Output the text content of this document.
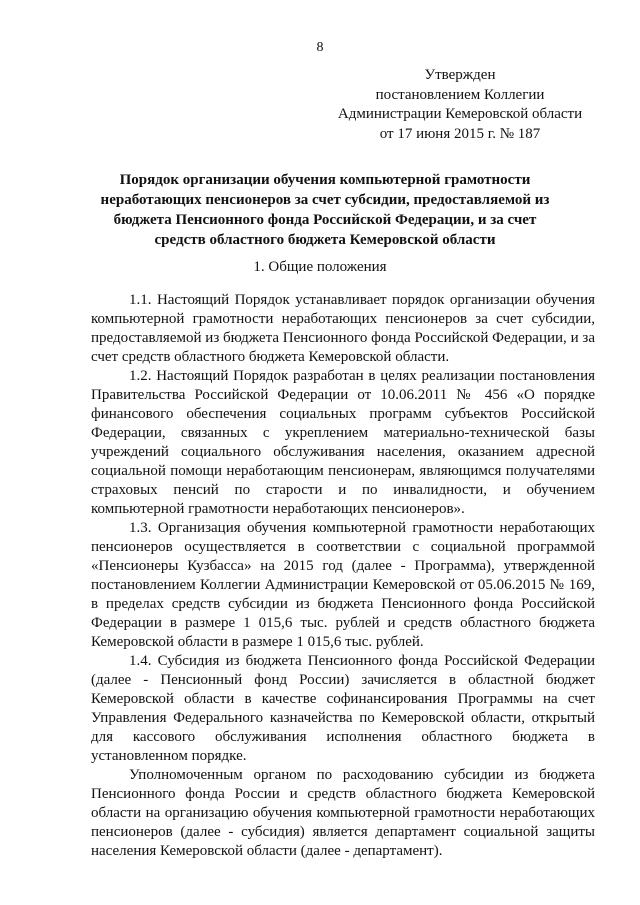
8
Утвержден
постановлением Коллегии
Администрации Кемеровской области
от 17 июня 2015 г. № 187
Порядок организации обучения компьютерной грамотности неработающих пенсионеров за счет субсидии, предоставляемой из бюджета Пенсионного фонда Российской Федерации, и за счет средств областного бюджета Кемеровской области
1. Общие положения

1.1. Настоящий Порядок устанавливает порядок организации обучения компьютерной грамотности неработающих пенсионеров за счет субсидии, предоставляемой из бюджета Пенсионного фонда Российской Федерации, и за счет средств областного бюджета Кемеровской области.

1.2. Настоящий Порядок разработан в целях реализации постановления Правительства Российской Федерации от 10.06.2011 № 456 «О порядке финансового обеспечения социальных программ субъектов Российской Федерации, связанных с укреплением материально-технической базы учреждений социального обслуживания населения, оказанием адресной социальной помощи неработающим пенсионерам, являющимся получателями страховых пенсий по старости и по инвалидности, и обучением компьютерной грамотности неработающих пенсионеров».

1.3. Организация обучения компьютерной грамотности неработающих пенсионеров осуществляется в соответствии с социальной программой «Пенсионеры Кузбасса» на 2015 год (далее - Программа), утвержденной постановлением Коллегии Администрации Кемеровской от 05.06.2015 № 169, в пределах средств субсидии из бюджета Пенсионного фонда Российской Федерации в размере 1 015,6 тыс. рублей и средств областного бюджета Кемеровской области в размере 1 015,6 тыс. рублей.

1.4. Субсидия из бюджета Пенсионного фонда Российской Федерации (далее - Пенсионный фонд России) зачисляется в областной бюджет Кемеровской области в качестве софинансирования Программы на счет Управления Федерального казначейства по Кемеровской области, открытый для кассового обслуживания исполнения областного бюджета в установленном порядке.

Уполномоченным органом по расходованию субсидии из бюджета Пенсионного фонда России и средств областного бюджета Кемеровской области на организацию обучения компьютерной грамотности неработающих пенсионеров (далее - субсидия) является департамент социальной защиты населения Кемеровской области (далее - департамент).
